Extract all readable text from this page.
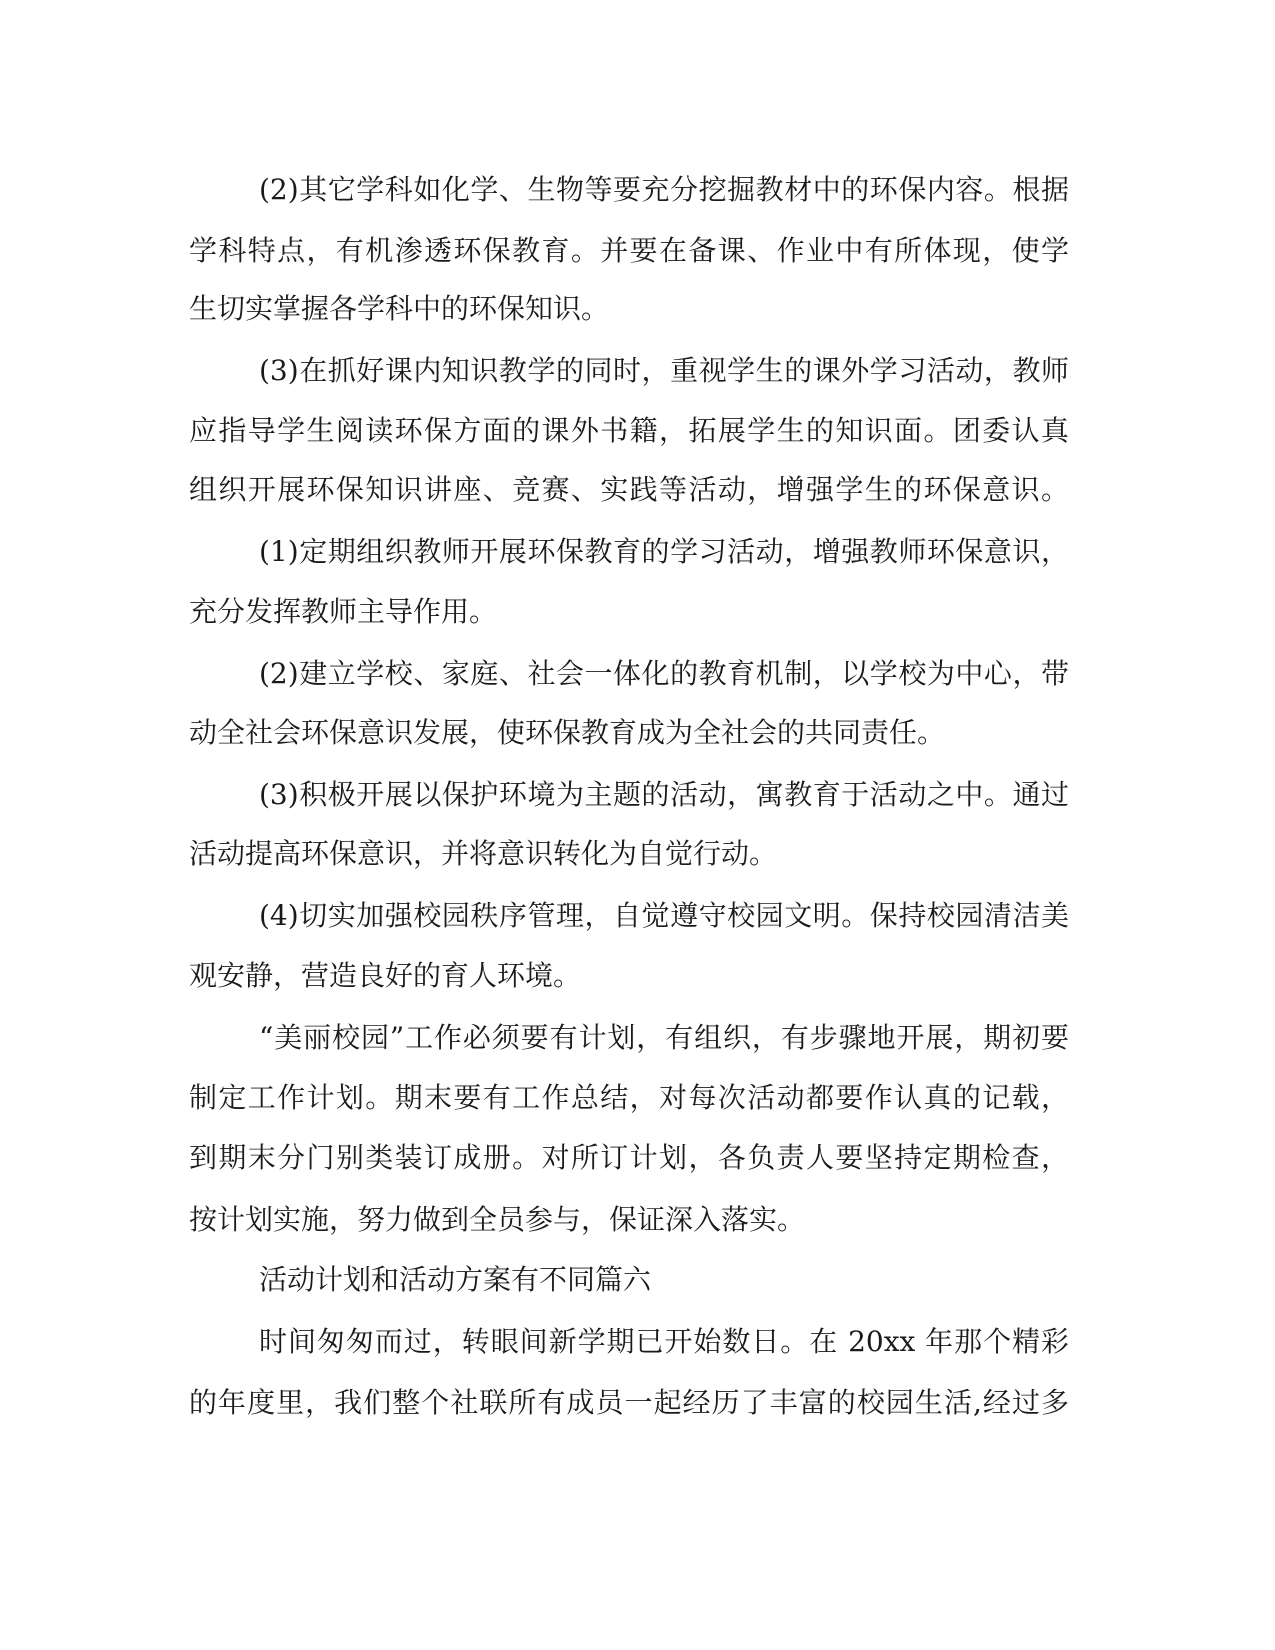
(2)其它学科如化学、生物等要充分挖掘教材中的环保内容。根据
学科特点，有机渗透环保教育。并要在备课、作业中有所体现，使学
生切实掌握各学科中的环保知识。
(3)在抓好课内知识教学的同时，重视学生的课外学习活动，教师
应指导学生阅读环保方面的课外书籍，拓展学生的知识面。团委认真
组织开展环保知识讲座、竞赛、实践等活动，增强学生的环保意识。
(1)定期组织教师开展环保教育的学习活动，增强教师环保意识，
充分发挥教师主导作用。
(2)建立学校、家庭、社会一体化的教育机制，以学校为中心，带
动全社会环保意识发展，使环保教育成为全社会的共同责任。
(3)积极开展以保护环境为主题的活动，寓教育于活动之中。通过
活动提高环保意识，并将意识转化为自觉行动。
(4)切实加强校园秩序管理，自觉遵守校园文明。保持校园清洁美
观安静，营造良好的育人环境。
“美丽校园”工作必须要有计划，有组织，有步骤地开展，期初要
制定工作计划。期末要有工作总结，对每次活动都要作认真的记载，
到期末分门别类装订成册。对所订计划，各负责人要坚持定期检查，
按计划实施，努力做到全员参与，保证深入落实。
活动计划和活动方案有不同篇六
时间匆匆而过，转眼间新学期已开始数日。在 20xx 年那个精彩
的年度里，我们整个社联所有成员一起经历了丰富的校园生活,经过多
